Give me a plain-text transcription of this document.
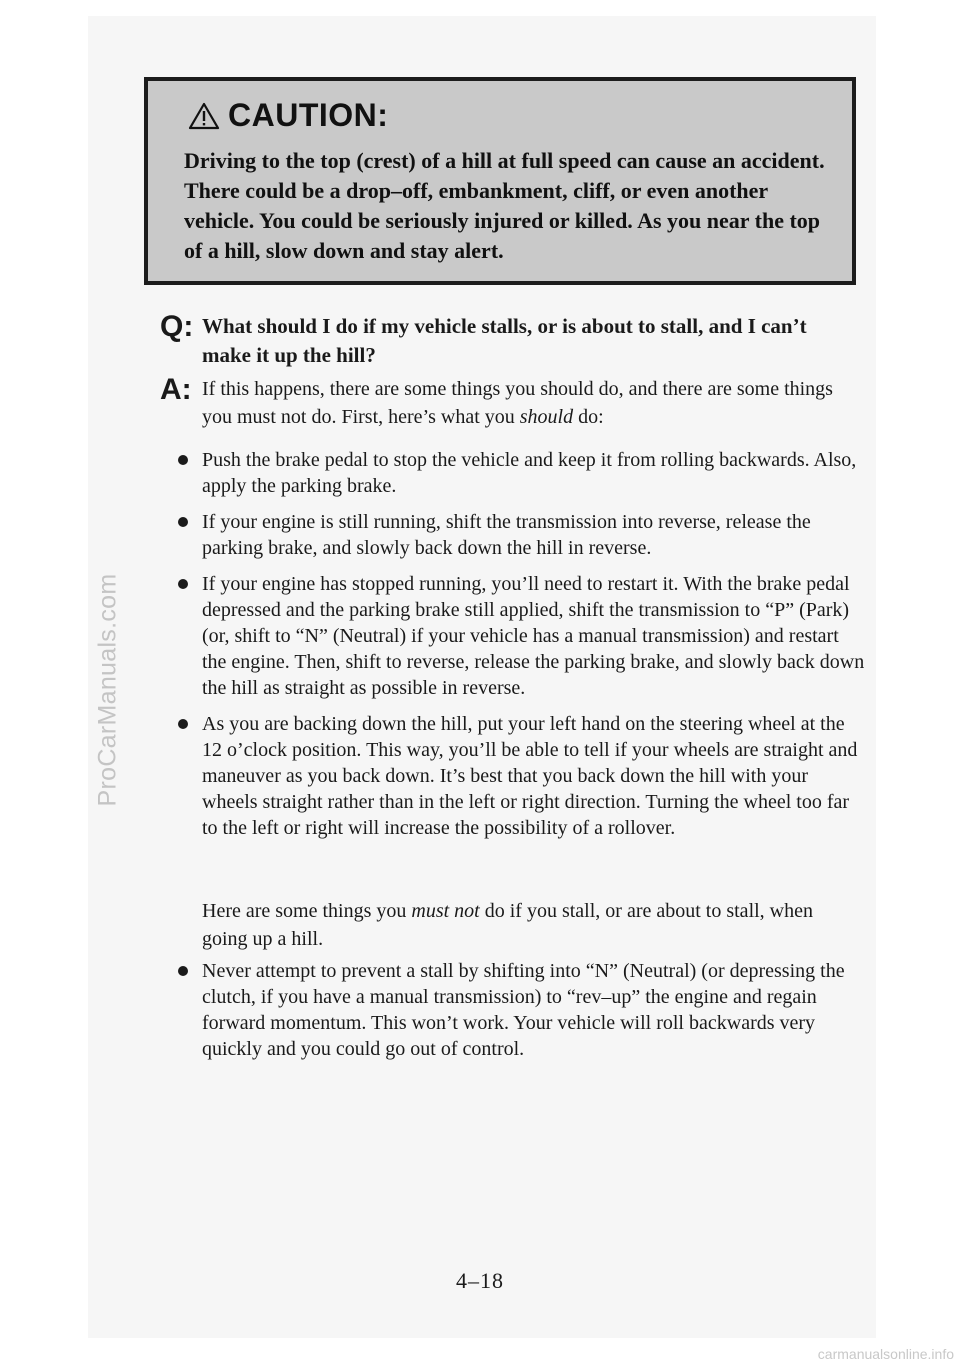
ProCarManuals.com
CAUTION:
Driving to the top (crest) of a hill at full speed can cause an accident. There could be a drop–off, embankment, cliff, or even another vehicle. You could be seriously injured or killed. As you near the top of a hill, slow down and stay alert.
Q: What should I do if my vehicle stalls, or is about to stall, and I can’t make it up the hill?
A: If this happens, there are some things you should do, and there are some things you must not do. First, here’s what you should do:
Push the brake pedal to stop the vehicle and keep it from rolling backwards. Also, apply the parking brake.
If your engine is still running, shift the transmission into reverse, release the parking brake, and slowly back down the hill in reverse.
If your engine has stopped running, you’ll need to restart it. With the brake pedal depressed and the parking brake still applied, shift the transmission to “P” (Park) (or, shift to “N” (Neutral) if your vehicle has a manual transmission) and restart the engine. Then, shift to reverse, release the parking brake, and slowly back down the hill as straight as possible in reverse.
As you are backing down the hill, put your left hand on the steering wheel at the 12 o’clock position. This way, you’ll be able to tell if your wheels are straight and maneuver as you back down. It’s best that you back down the hill with your wheels straight rather than in the left or right direction. Turning the wheel too far to the left or right will increase the possibility of a rollover.
Here are some things you must not do if you stall, or are about to stall, when going up a hill.
Never attempt to prevent a stall by shifting into “N” (Neutral) (or depressing the clutch, if you have a manual transmission) to “rev–up” the engine and regain forward momentum. This won’t work. Your vehicle will roll backwards very quickly and you could go out of control.
4–18
carmanualsonline.info
